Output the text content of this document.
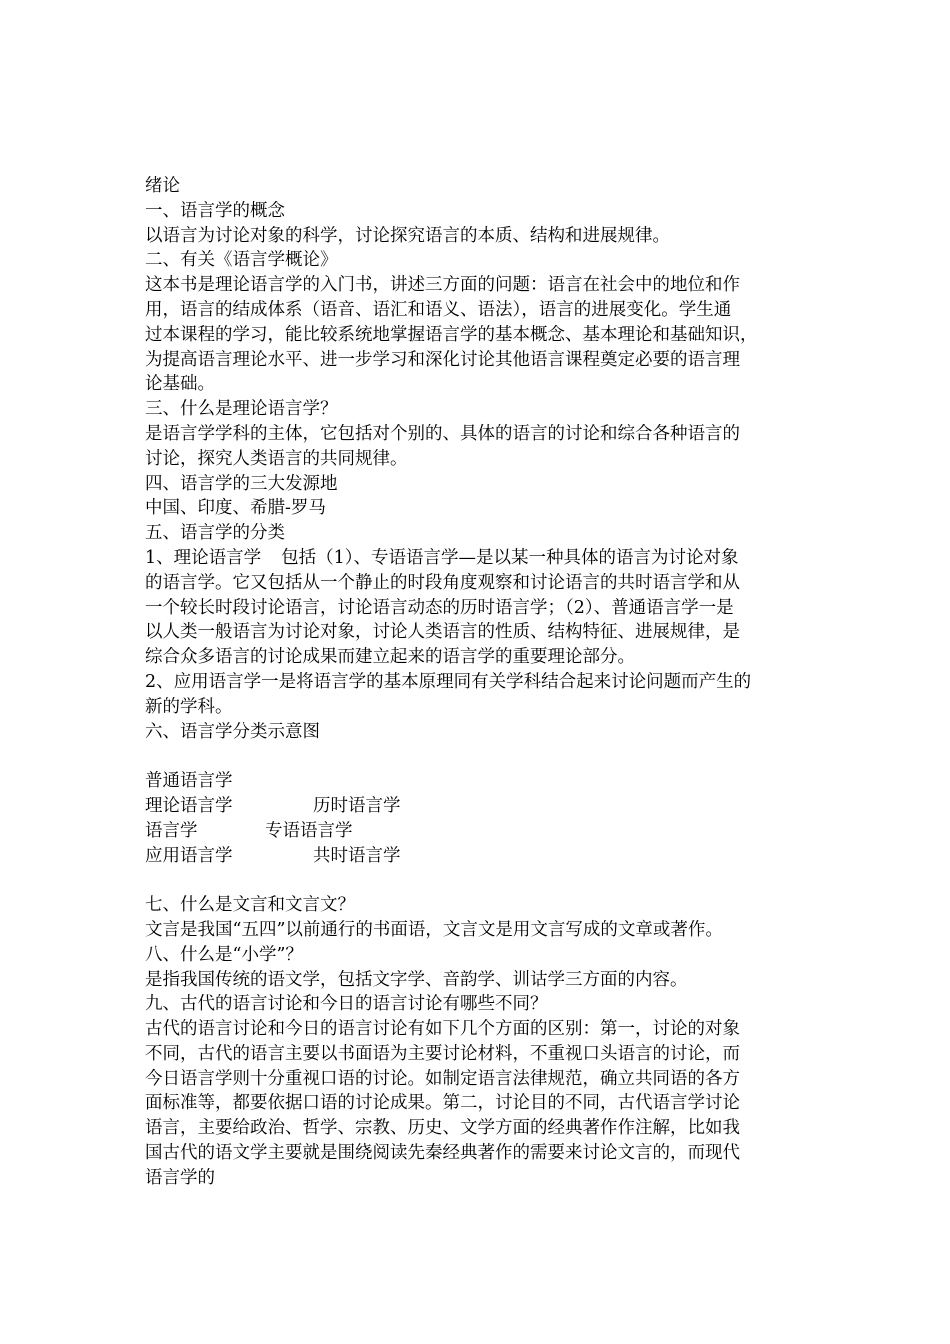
绪论
一、语言学的概念
以语言为讨论对象的科学，讨论探究语言的本质、结构和进展规律。
二、有关《语言学概论》
这本书是理论语言学的入门书，讲述三方面的问题：语言在社会中的地位和作
用，语言的结成体系（语音、语汇和语义、语法），语言的进展变化。学生通
过本课程的学习，能比较系统地掌握语言学的基本概念、基本理论和基础知识，
为提高语言理论水平、进一步学习和深化讨论其他语言课程奠定必要的语言理
论基础。
三、什么是理论语言学？
是语言学学科的主体，它包括对个别的、具体的语言的讨论和综合各种语言的
讨论，探究人类语言的共同规律。
四、语言学的三大发源地
中国、印度、希腊-罗马
五、语言学的分类
1、理论语言学 包括（1）、专语语言学—是以某一种具体的语言为讨论对象
的语言学。它又包括从一个静止的时段角度观察和讨论语言的共时语言学和从
一个较长时段讨论语言，讨论语言动态的历时语言学；（2）、普通语言学一是
以人类一般语言为讨论对象，讨论人类语言的性质、结构特征、进展规律，是
综合众多语言的讨论成果而建立起来的语言学的重要理论部分。
2、应用语言学一是将语言学的基本原理同有关学科结合起来讨论问题而产生的
新的学科。
六、语言学分类示意图
普通语言学
理论语言学	历时语言学
语言学	专语语言学
应用语言学	共时语言学
七、什么是文言和文言文？
文言是我国“五四”以前通行的书面语，文言文是用文言写成的文章或著作。
八、什么是“小学”？
是指我国传统的语文学，包括文字学、音韵学、训诂学三方面的内容。
九、古代的语言讨论和今日的语言讨论有哪些不同？
古代的语言讨论和今日的语言讨论有如下几个方面的区别：第一，讨论的对象
不同，古代的语言主要以书面语为主要讨论材料，不重视口头语言的讨论，而
今日语言学则十分重视口语的讨论。如制定语言法律规范，确立共同语的各方
面标准等，都要依据口语的讨论成果。第二，讨论目的不同，古代语言学讨论
语言，主要给政治、哲学、宗教、历史、文学方面的经典著作作注解，比如我
国古代的语文学主要就是围绕阅读先秦经典著作的需要来讨论文言的，而现代
语言学的
